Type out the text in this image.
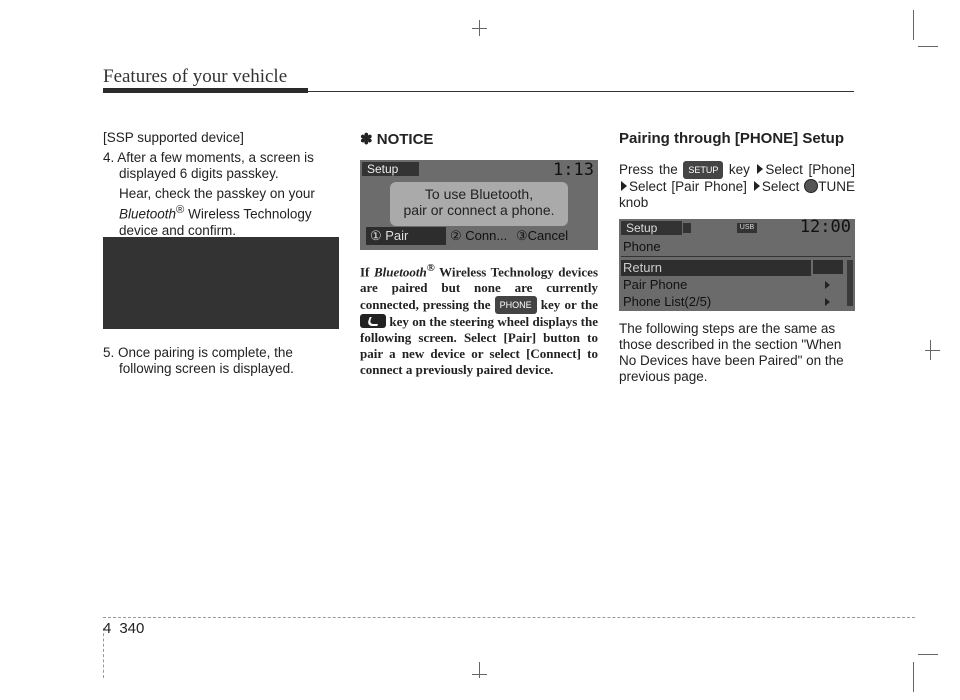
Features of your vehicle

[SSP supported device]

4. After a few moments, a screen is displayed 6 digits passkey.

Hear, check the passkey on your Bluetooth® Wireless Technology device and confirm.

5. Once pairing is complete, the following screen is displayed.

✽ NOTICE
Setup	1:13
To use Bluetooth,
pair or connect a phone.
① Pair	② Conn... ③Cancel
If Bluetooth® Wireless Technology devices are paired but none are currently connected, pressing the PHONE key or the  key on the steering wheel displays the following screen. Select [Pair] button to pair a new device or select [Connect] to connect a previously paired device.
Pairing through [PHONE] Setup
Press the SETUP key Select [Phone]Select [Pair Phone] Select TUNE knob
Setup	USB	12:00
Phone
Return
Pair Phone
Phone List(2/5)
The following steps are the same as those described in the section "When No Devices have been Paired" on the previous page.
4 340
